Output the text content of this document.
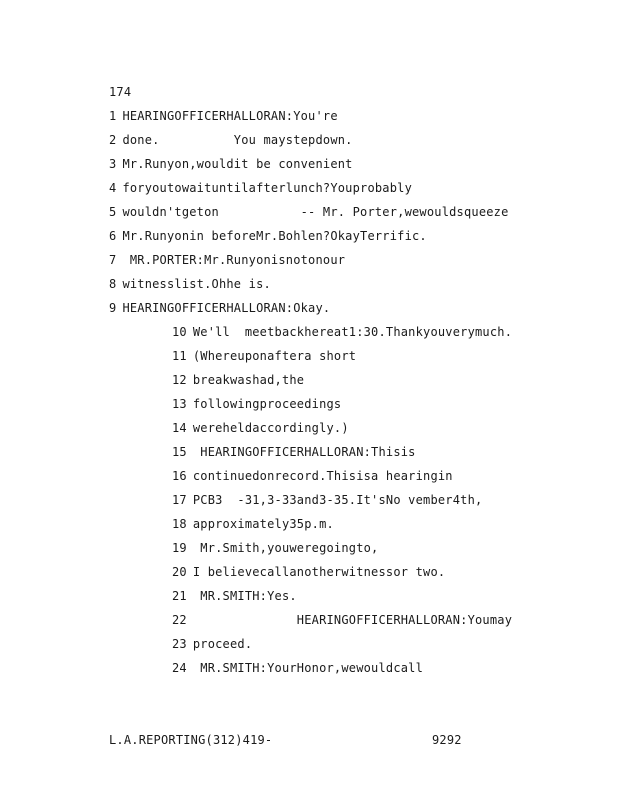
174
1 HEARINGOFFICERHALLORAN:You're
2 done.          You maystepdown.
3 Mr.Runyon,wouldit be convenient
4 foryoutowaituntilafterlunch?Youprobably
5 wouldn'tgeton           -- Mr. Porter,wewouldsqueeze
6 Mr.Runyonin beforeMr.Bohlen?OkayTerrific.
7 MR.PORTER:Mr.Runyonisnotonour
8 witnesslist.Ohhe is.
9 HEARINGOFFICERHALLORAN:Okay.
10 We'll  meetbackhereat1:30.Thankyouverymuch.
11 (Whereuponaftera short
12 breakwashad,the
13 followingproceedings
14 wereheldaccordingly.)
15 HEARINGOFFICERHALLORAN:Thisis
16 continuedonrecord.Thisisa hearingin
17 PCB3  -31,3-33and3-35.It'sNo vember4th,
18 approximately35p.m.
19 Mr.Smith,youweregoingto,
20 I believecallanotherwitnessor two.
21 MR.SMITH:Yes.
22              HEARINGOFFICERHALLORAN:Youmay
23 proceed.
24 MR.SMITH:YourHonor,wewouldcall
L.A.REPORTING(312)419-	9292
